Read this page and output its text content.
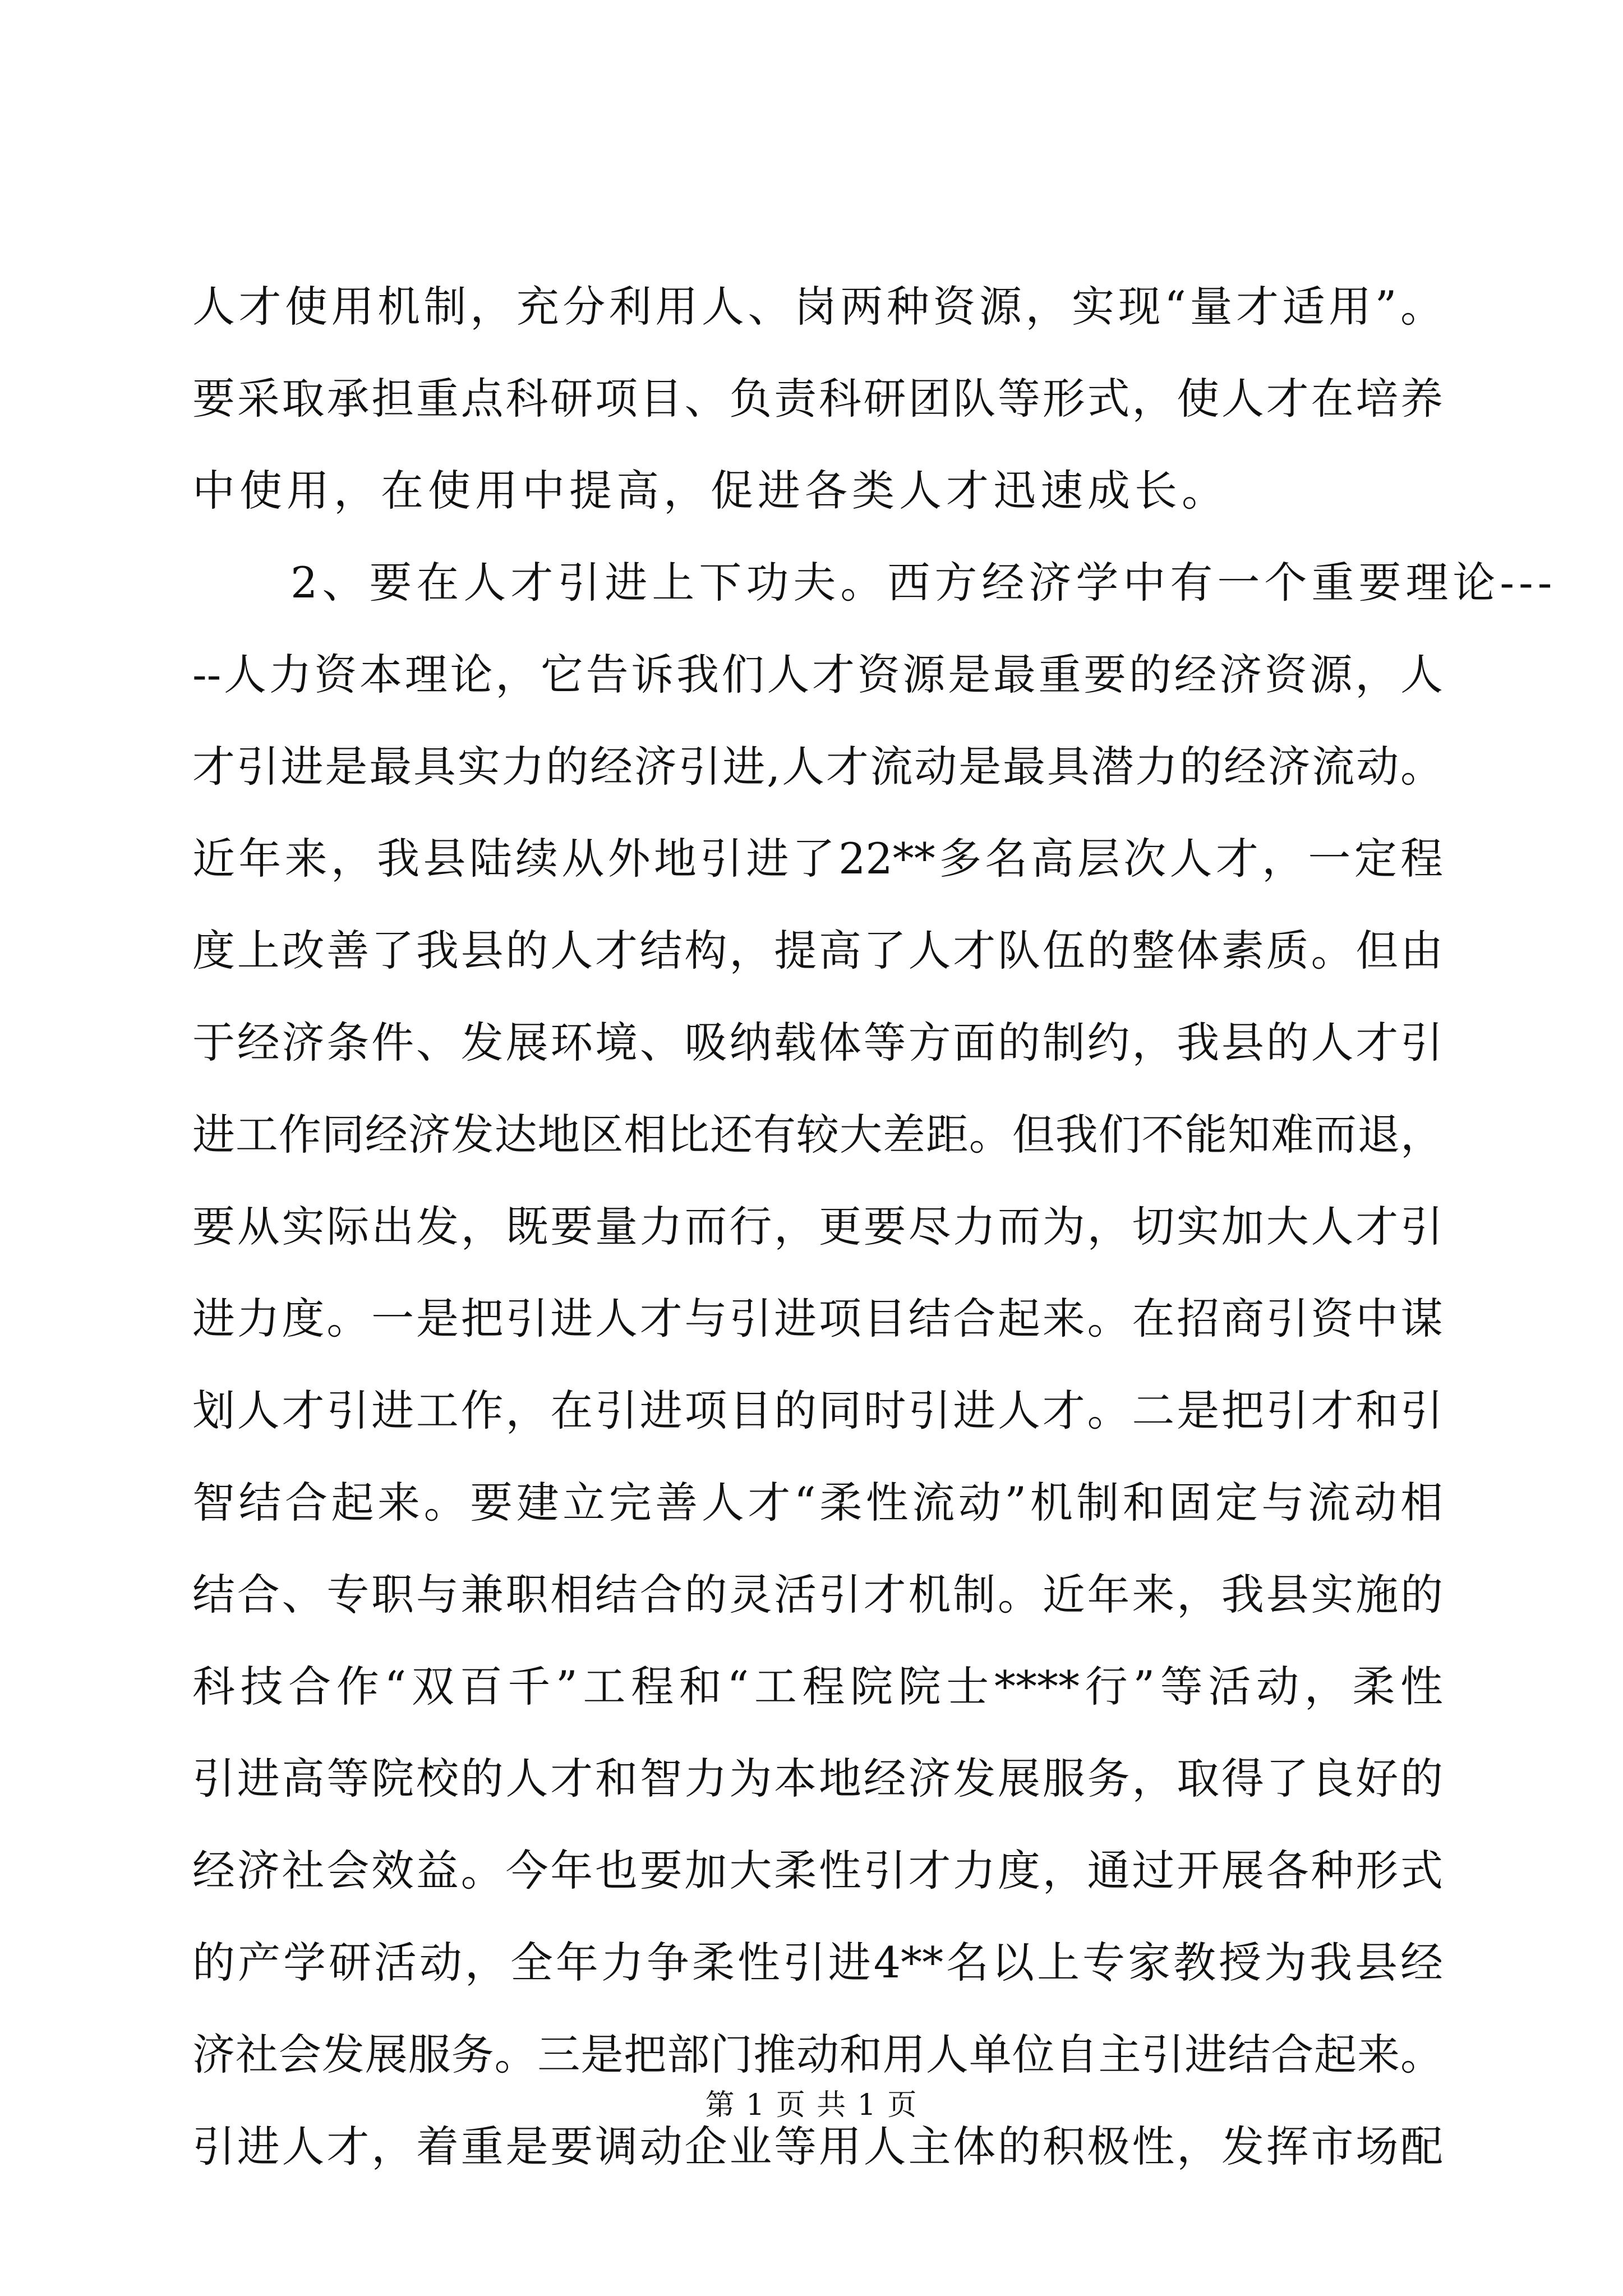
人才使用机制，充分利用人、岗两种资源，实现“量才适用”。
要采取承担重点科研项目、负责科研团队等形式，使人才在培养
中使用，在使用中提高，促进各类人才迅速成长。
2、要在人才引进上下功夫。西方经济学中有一个重要理论---
--人力资本理论，它告诉我们人才资源是最重要的经济资源，人
才引进是最具实力的经济引进,人才流动是最具潜力的经济流动。
近年来，我县陆续从外地引进了22**多名高层次人才，一定程
度上改善了我县的人才结构，提高了人才队伍的整体素质。但由
于经济条件、发展环境、吸纳载体等方面的制约，我县的人才引
进工作同经济发达地区相比还有较大差距。但我们不能知难而退，
要从实际出发，既要量力而行，更要尽力而为，切实加大人才引
进力度。一是把引进人才与引进项目结合起来。在招商引资中谋
划人才引进工作，在引进项目的同时引进人才。二是把引才和引
智结合起来。要建立完善人才“柔性流动”机制和固定与流动相
结合、专职与兼职相结合的灵活引才机制。近年来，我县实施的
科技合作“双百千”工程和“工程院院士****行”等活动，柔性
引进高等院校的人才和智力为本地经济发展服务，取得了良好的
经济社会效益。今年也要加大柔性引才力度，通过开展各种形式
的产学研活动，全年力争柔性引进4**名以上专家教授为我县经
济社会发展服务。三是把部门推动和用人单位自主引进结合起来。
引进人才，着重是要调动企业等用人主体的积极性，发挥市场配
第 1 页 共 1 页
